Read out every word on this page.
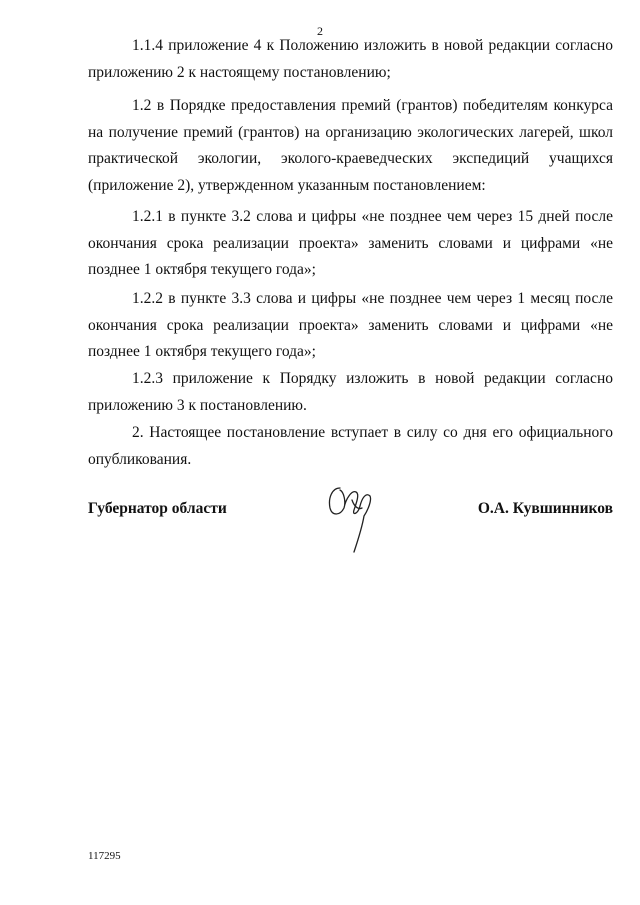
2

1.1.4 приложение 4 к Положению изложить в новой редакции согласно приложению 2 к настоящему постановлению;

1.2 в Порядке предоставления премий (грантов) победителям конкурса на получение премий (грантов) на организацию экологических лагерей, школ практической экологии, эколого-краеведческих экспедиций учащихся (приложение 2), утвержденном указанным постановлением:

1.2.1 в пункте 3.2 слова и цифры «не позднее чем через 15 дней после окончания срока реализации проекта» заменить словами и цифрами «не позднее 1 октября текущего года»;

1.2.2 в пункте 3.3 слова и цифры «не позднее чем через 1 месяц после окончания срока реализации проекта» заменить словами и цифрами «не позднее 1 октября текущего года»;

1.2.3 приложение к Порядку изложить в новой редакции согласно приложению 3 к постановлению.

2. Настоящее постановление вступает в силу со дня его официального опубликования.

Губернатор области	О.А. Кувшинников
117295
